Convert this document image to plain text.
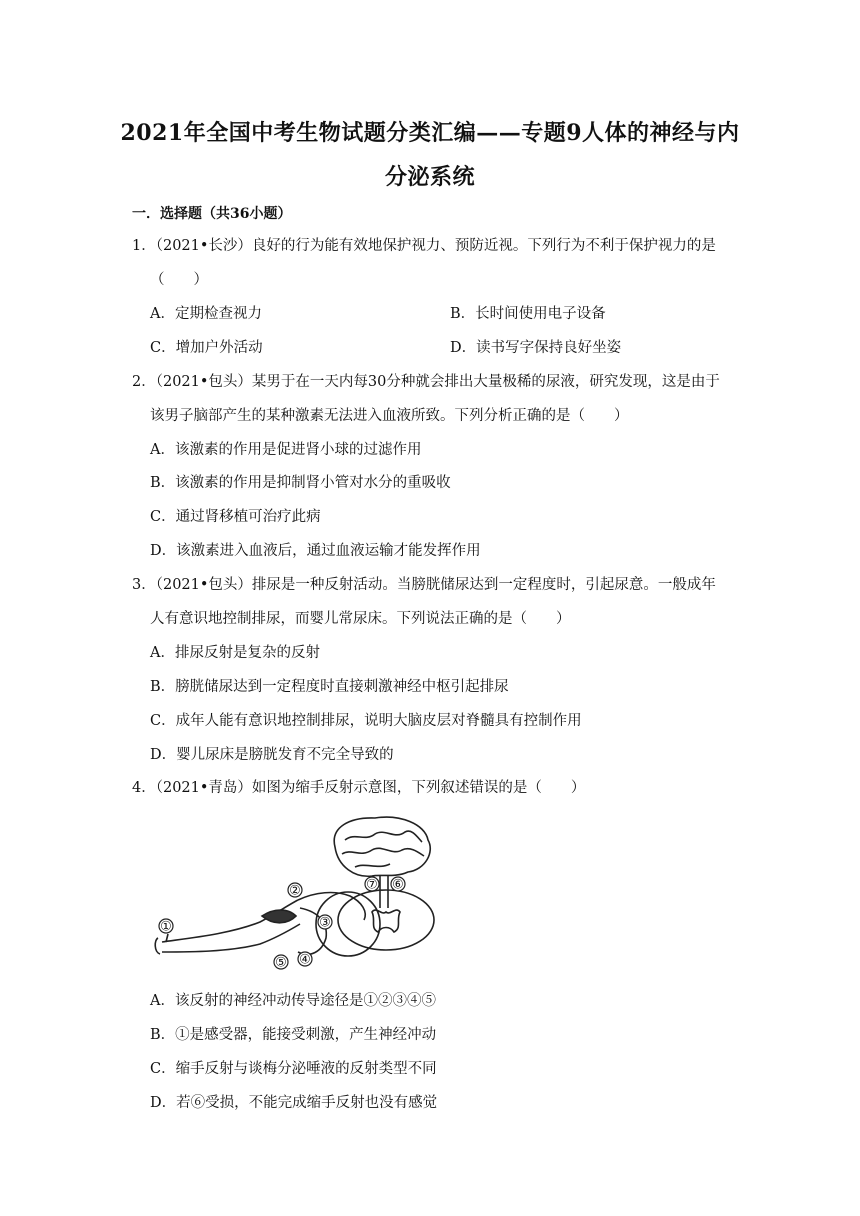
2021年全国中考生物试题分类汇编——专题9人体的神经与内
分泌系统
一．选择题（共36小题）
1．（2021•长沙）良好的行为能有效地保护视力、预防近视。下列行为不利于保护视力的是
（　　）
A．定期检查视力	B．长时间使用电子设备
C．增加户外活动	D．读书写字保持良好坐姿
2．（2021•包头）某男于在一天内每30分种就会排出大量极稀的尿液，研究发现，这是由于
该男子脑部产生的某种激素无法进入血液所致。下列分析正确的是（　　）
A．该激素的作用是促进肾小球的过滤作用
B．该激素的作用是抑制肾小管对水分的重吸收
C．通过肾移植可治疗此病
D．该激素进入血液后，通过血液运输才能发挥作用
3．（2021•包头）排尿是一种反射活动。当膀胱储尿达到一定程度时，引起尿意。一般成年
人有意识地控制排尿，而婴儿常尿床。下列说法正确的是（　　）
A．排尿反射是复杂的反射
B．膀胱储尿达到一定程度时直接刺激神经中枢引起排尿
C．成年人能有意识地控制排尿，说明大脑皮层对脊髓具有控制作用
D．婴儿尿床是膀胱发育不完全导致的
4．（2021•青岛）如图为缩手反射示意图，下列叙述错误的是（　　）
①
②
③
④
⑤
⑥
⑦
A．该反射的神经冲动传导途径是①②③④⑤
B．①是感受器，能接受刺激，产生神经冲动
C．缩手反射与谈梅分泌唾液的反射类型不同
D．若⑥受损，不能完成缩手反射也没有感觉
